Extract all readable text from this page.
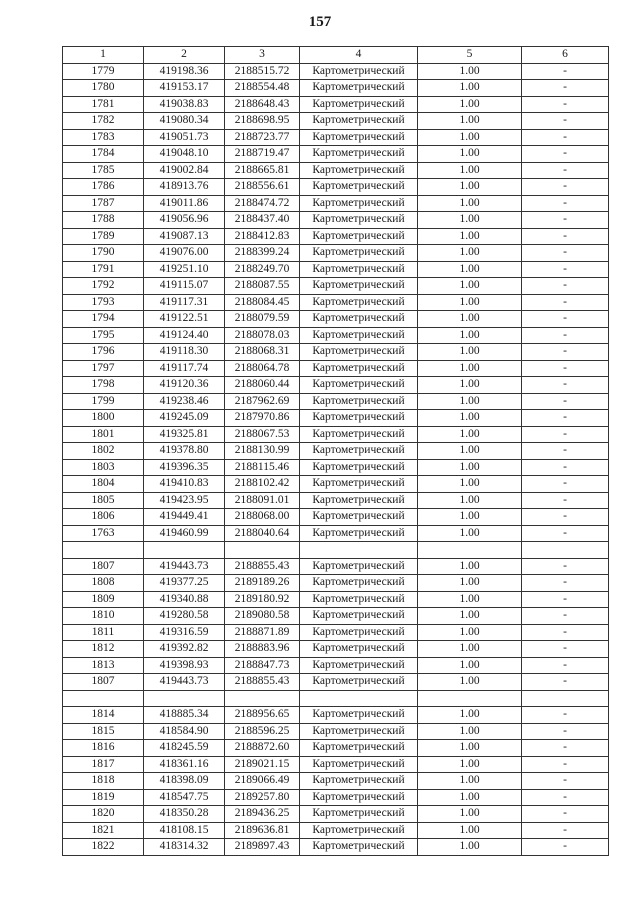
157
1	2	3	4	5	6
1779	419198.36	2188515.72	Картометрический	1.00	-
1780	419153.17	2188554.48	Картометрический	1.00	-
1781	419038.83	2188648.43	Картометрический	1.00	-
1782	419080.34	2188698.95	Картометрический	1.00	-
1783	419051.73	2188723.77	Картометрический	1.00	-
1784	419048.10	2188719.47	Картометрический	1.00	-
1785	419002.84	2188665.81	Картометрический	1.00	-
1786	418913.76	2188556.61	Картометрический	1.00	-
1787	419011.86	2188474.72	Картометрический	1.00	-
1788	419056.96	2188437.40	Картометрический	1.00	-
1789	419087.13	2188412.83	Картометрический	1.00	-
1790	419076.00	2188399.24	Картометрический	1.00	-
1791	419251.10	2188249.70	Картометрический	1.00	-
1792	419115.07	2188087.55	Картометрический	1.00	-
1793	419117.31	2188084.45	Картометрический	1.00	-
1794	419122.51	2188079.59	Картометрический	1.00	-
1795	419124.40	2188078.03	Картометрический	1.00	-
1796	419118.30	2188068.31	Картометрический	1.00	-
1797	419117.74	2188064.78	Картометрический	1.00	-
1798	419120.36	2188060.44	Картометрический	1.00	-
1799	419238.46	2187962.69	Картометрический	1.00	-
1800	419245.09	2187970.86	Картометрический	1.00	-
1801	419325.81	2188067.53	Картометрический	1.00	-
1802	419378.80	2188130.99	Картометрический	1.00	-
1803	419396.35	2188115.46	Картометрический	1.00	-
1804	419410.83	2188102.42	Картометрический	1.00	-
1805	419423.95	2188091.01	Картометрический	1.00	-
1806	419449.41	2188068.00	Картометрический	1.00	-
1763	419460.99	2188040.64	Картометрический	1.00	-

1807	419443.73	2188855.43	Картометрический	1.00	-
1808	419377.25	2189189.26	Картометрический	1.00	-
1809	419340.88	2189180.92	Картометрический	1.00	-
1810	419280.58	2189080.58	Картометрический	1.00	-
1811	419316.59	2188871.89	Картометрический	1.00	-
1812	419392.82	2188883.96	Картометрический	1.00	-
1813	419398.93	2188847.73	Картометрический	1.00	-
1807	419443.73	2188855.43	Картометрический	1.00	-

1814	418885.34	2188956.65	Картометрический	1.00	-
1815	418584.90	2188596.25	Картометрический	1.00	-
1816	418245.59	2188872.60	Картометрический	1.00	-
1817	418361.16	2189021.15	Картометрический	1.00	-
1818	418398.09	2189066.49	Картометрический	1.00	-
1819	418547.75	2189257.80	Картометрический	1.00	-
1820	418350.28	2189436.25	Картометрический	1.00	-
1821	418108.15	2189636.81	Картометрический	1.00	-
1822	418314.32	2189897.43	Картометрический	1.00	-
